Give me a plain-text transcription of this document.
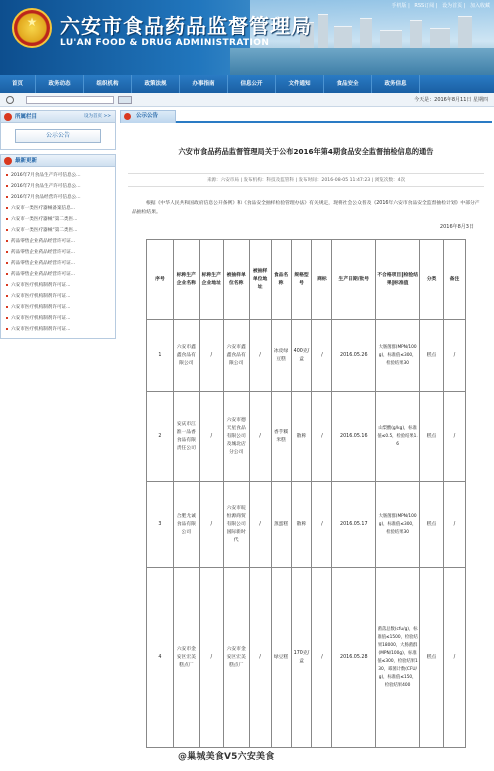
手机版 | RSS订阅 | 设为首页 | 加入收藏
★ 六安市食品药品监督管理局
LU'AN FOOD & DRUG ADMINISTRATION
首页	政务动态	组织机构	政策法规	办事指南	信息公开	文件通知	食品安全	政务信息
今天是：2016年8月11日 星期四
所属栏目	设为首页 >>
公示公告
最新更新
2016年7月食品生产许可信息公...
2016年7月食品生产许可信息公...
2016年7月食品经营许可信息公...
六安市一类医疗器械备案信息...
六安市一类医疗器械“第二类医...
六安市一类医疗器械“第二类医...
药品零售企业药品经营许可证...
药品零售企业药品经营许可证...
药品零售企业药品经营许可证...
药品零售企业药品经营许可证...
六安市医疗机构制剂许可证...
六安市医疗机构制剂许可证...
六安市医疗机构制剂许可证...
六安市医疗机构制剂许可证...
六安市医疗机构制剂许可证...
公示公告
六安市食品药品监督管理局关于公布2016年第4期食品安全监督抽检信息的通告
来源：六安市局 | 发布机构：科技及监管科 | 发布时间：2016-08-05 11:47:23 | 浏览次数：4次
根据《中华人民共和国政府信息公开条例》和《食品安全抽样检验管理办法》有关规定，现将社会公众普及《2016年六安市食品安全监督抽检计划》中部分产品抽检结果。
2016年8月3日
序号	标称生产企业名称	标称生产企业地址	被抽样单位名称	被抽样单位地址	食品名称	规格型号	商标	生产日期/批号	不合格项目‖检验结果‖标准值	分类	备注
1	六安市鑫鑫食品有限公司	/	六安市鑫鑫食品有限公司	/	冰皮绿豆糕	400克/盒	/	2016.05.26	大肠菌群(MPN/100g)，标准值≤300，检验结果30	糕点	/
2	安庆市江淮一品香食品有限责任公司	/	六安市德天星食品有限公司及城北店分公司	/	香芋糯米糕	散称	/	2016.05.16	山梨酸(g/kg)，标准值≤0.5，检验结果1.6	糕点	/
3	合肥尤诚食品有限公司	/	六安市皖恒源商贸有限公司国际新时代	/	蒸蛋糕	散称	/	2016.05.17	大肠菌群(MPN/100g)，标准值≤300，检验结果30	糕点	/
4	六安市金安区宏美糕点厂	/	六安市金安区宏美糕点厂	/	绿豆糕	170克/盒	/	2016.05.28	菌落总数(cfu/g)，标准值≤1500，检验结果18000，大肠菌群(MPN/100g)，标准值≤300，检验结果130，霉菌计数(CFU/g)，标准值≤150，检验结果400	糕点	/
@巢城美食V5六安美食
